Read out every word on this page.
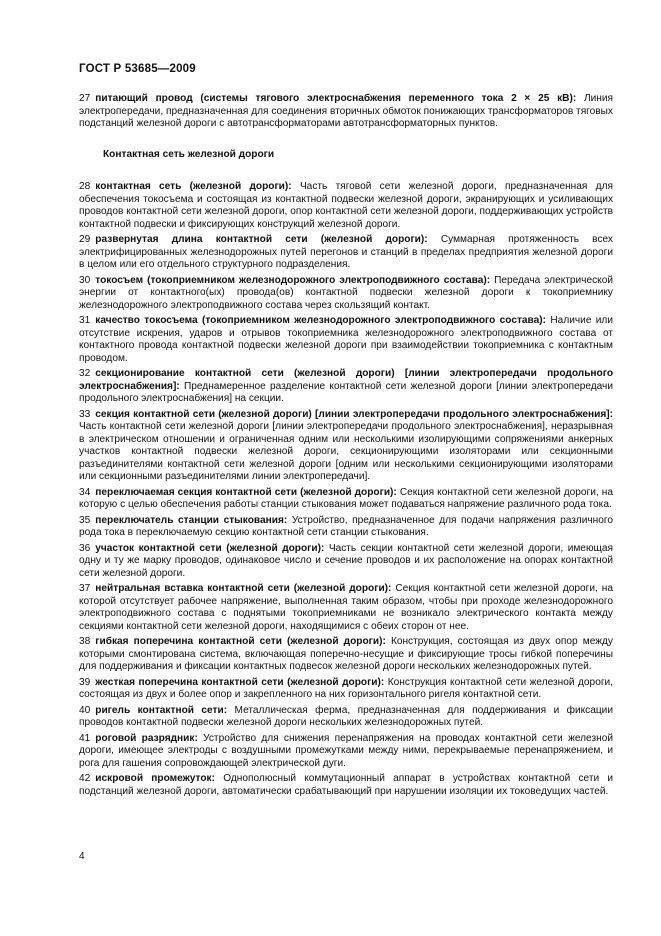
ГОСТ Р 53685—2009

27 питающий провод (системы тягового электроснабжения переменного тока 2 × 25 кВ): Линия электропередачи, предназначенная для соединения вторичных обмоток понижающих трансформаторов тяговых подстанций железной дороги с автотрансформаторами автотрансформаторных пунктов.

Контактная сеть железной дороги

28 контактная сеть (железной дороги): Часть тяговой сети железной дороги, предназначенная для обеспечения токосъема и состоящая из контактной подвески железной дороги, экранирующих и усиливающих проводов контактной сети железной дороги, опор контактной сети железной дороги, поддерживающих устройств контактной подвески и фиксирующих конструкций железной дороги.

29 развернутая длина контактной сети (железной дороги): Суммарная протяженность всех электрифицированных железнодорожных путей перегонов и станций в пределах предприятия железной дороги в целом или его отдельного структурного подразделения.

30 токосъем (токоприемником железнодорожного электроподвижного состава): Передача электрической энергии от контактного(ых) провода(ов) контактной подвески железной дороги к токоприемнику железнодорожного электроподвижного состава через скользящий контакт.

31 качество токосъема (токоприемником железнодорожного электроподвижного состава): Наличие или отсутствие искрения, ударов и отрывов токоприемника железнодорожного электроподвижного состава от контактного провода контактной подвески железной дороги при взаимодействии токоприемника с контактным проводом.

32 секционирование контактной сети (железной дороги) [линии электропередачи продольного электроснабжения]: Преднамеренное разделение контактной сети железной дороги [линии электропередачи продольного электроснабжения] на секции.

33 секция контактной сети (железной дороги) [линии электропередачи продольного электроснабжения]: Часть контактной сети железной дороги [линии электропередачи продольного электроснабжения], неразрывная в электрическом отношении и ограниченная одним или несколькими изолирующими сопряжениями анкерных участков контактной подвески железной дороги, секционирующими изоляторами или секционными разъединителями контактной сети железной дороги [одним или несколькими секционирующими изоляторами или секционными разъединителями линии электропередачи].

34 переключаемая секция контактной сети (железной дороги): Секция контактной сети железной дороги, на которую с целью обеспечения работы станции стыкования может подаваться напряжение различного рода тока.

35 переключатель станции стыкования: Устройство, предназначенное для подачи напряжения различного рода тока в переключаемую секцию контактной сети станции стыкования.

36 участок контактной сети (железной дороги): Часть секции контактной сети железной дороги, имеющая одну и ту же марку проводов, одинаковое число и сечение проводов и их расположение на опорах контактной сети железной дороги.

37 нейтральная вставка контактной сети (железной дороги): Секция контактной сети железной дороги, на которой отсутствует рабочее напряжение, выполненная таким образом, чтобы при проходе железнодорожного электроподвижного состава с поднятыми токоприемниками не возникало электрического контакта между секциями контактной сети железной дороги, находящимися с обеих сторон от нее.

38 гибкая поперечина контактной сети (железной дороги): Конструкция, состоящая из двух опор между которыми смонтирована система, включающая поперечно-несущие и фиксирующие тросы гибкой поперечины для поддерживания и фиксации контактных подвесок железной дороги нескольких железнодорожных путей.

39 жесткая поперечина контактной сети (железной дороги): Конструкция контактной сети железной дороги, состоящая из двух и более опор и закрепленного на них горизонтального ригеля контактной сети.

40 ригель контактной сети: Металлическая ферма, предназначенная для поддерживания и фиксации проводов контактной подвески железной дороги нескольких железнодорожных путей.

41 роговой разрядник: Устройство для снижения перенапряжения на проводах контактной сети железной дороги, имеющее электроды с воздушными промежутками между ними, перекрываемые перенапряжением, и рога для гашения сопровождающей электрической дуги.

42 искровой промежуток: Однополюсный коммутационный аппарат в устройствах контактной сети и подстанций железной дороги, автоматически срабатывающий при нарушении изоляции их токоведущих частей.

4
